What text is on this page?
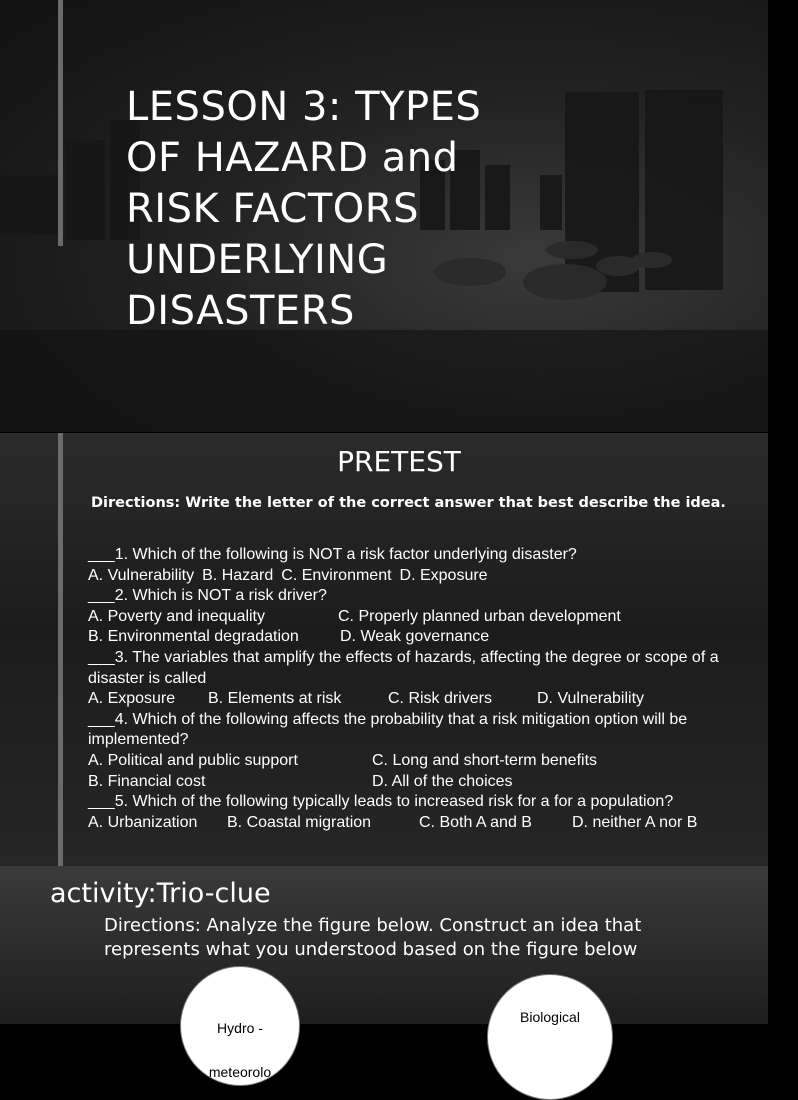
LESSON 3: TYPES
OF HAZARD and
RISK FACTORS
UNDERLYING
DISASTERS
PRETEST
Directions: Write the letter of the correct answer that best describe the idea.
___1. Which of the following is NOT a risk factor underlying disaster?
A. Vulnerability B. Hazard C. Environment D. Exposure
___2. Which is NOT a risk driver?
A. Poverty and inequality	C. Properly planned urban development
B. Environmental degradation	D. Weak governance
___3. The variables that amplify the effects of hazards, affecting the degree or scope of a disaster is called
A. Exposure B. Elements at risk	C. Risk drivers	D. Vulnerability
___4. Which of the following affects the probability that a risk mitigation option will be implemented?
A. Political and public support	C. Long and short-term benefits
B. Financial cost	D. All of the choices
___5. Which of the following typically leads to increased risk for a for a population?
A. Urbanization B. Coastal migration	C. Both A and B	D. neither A nor B
activity:Trio-clue
Directions: Analyze the figure below. Construct an idea that represents what you understood based on the figure below
Hydro -
meteorolo
Biological
